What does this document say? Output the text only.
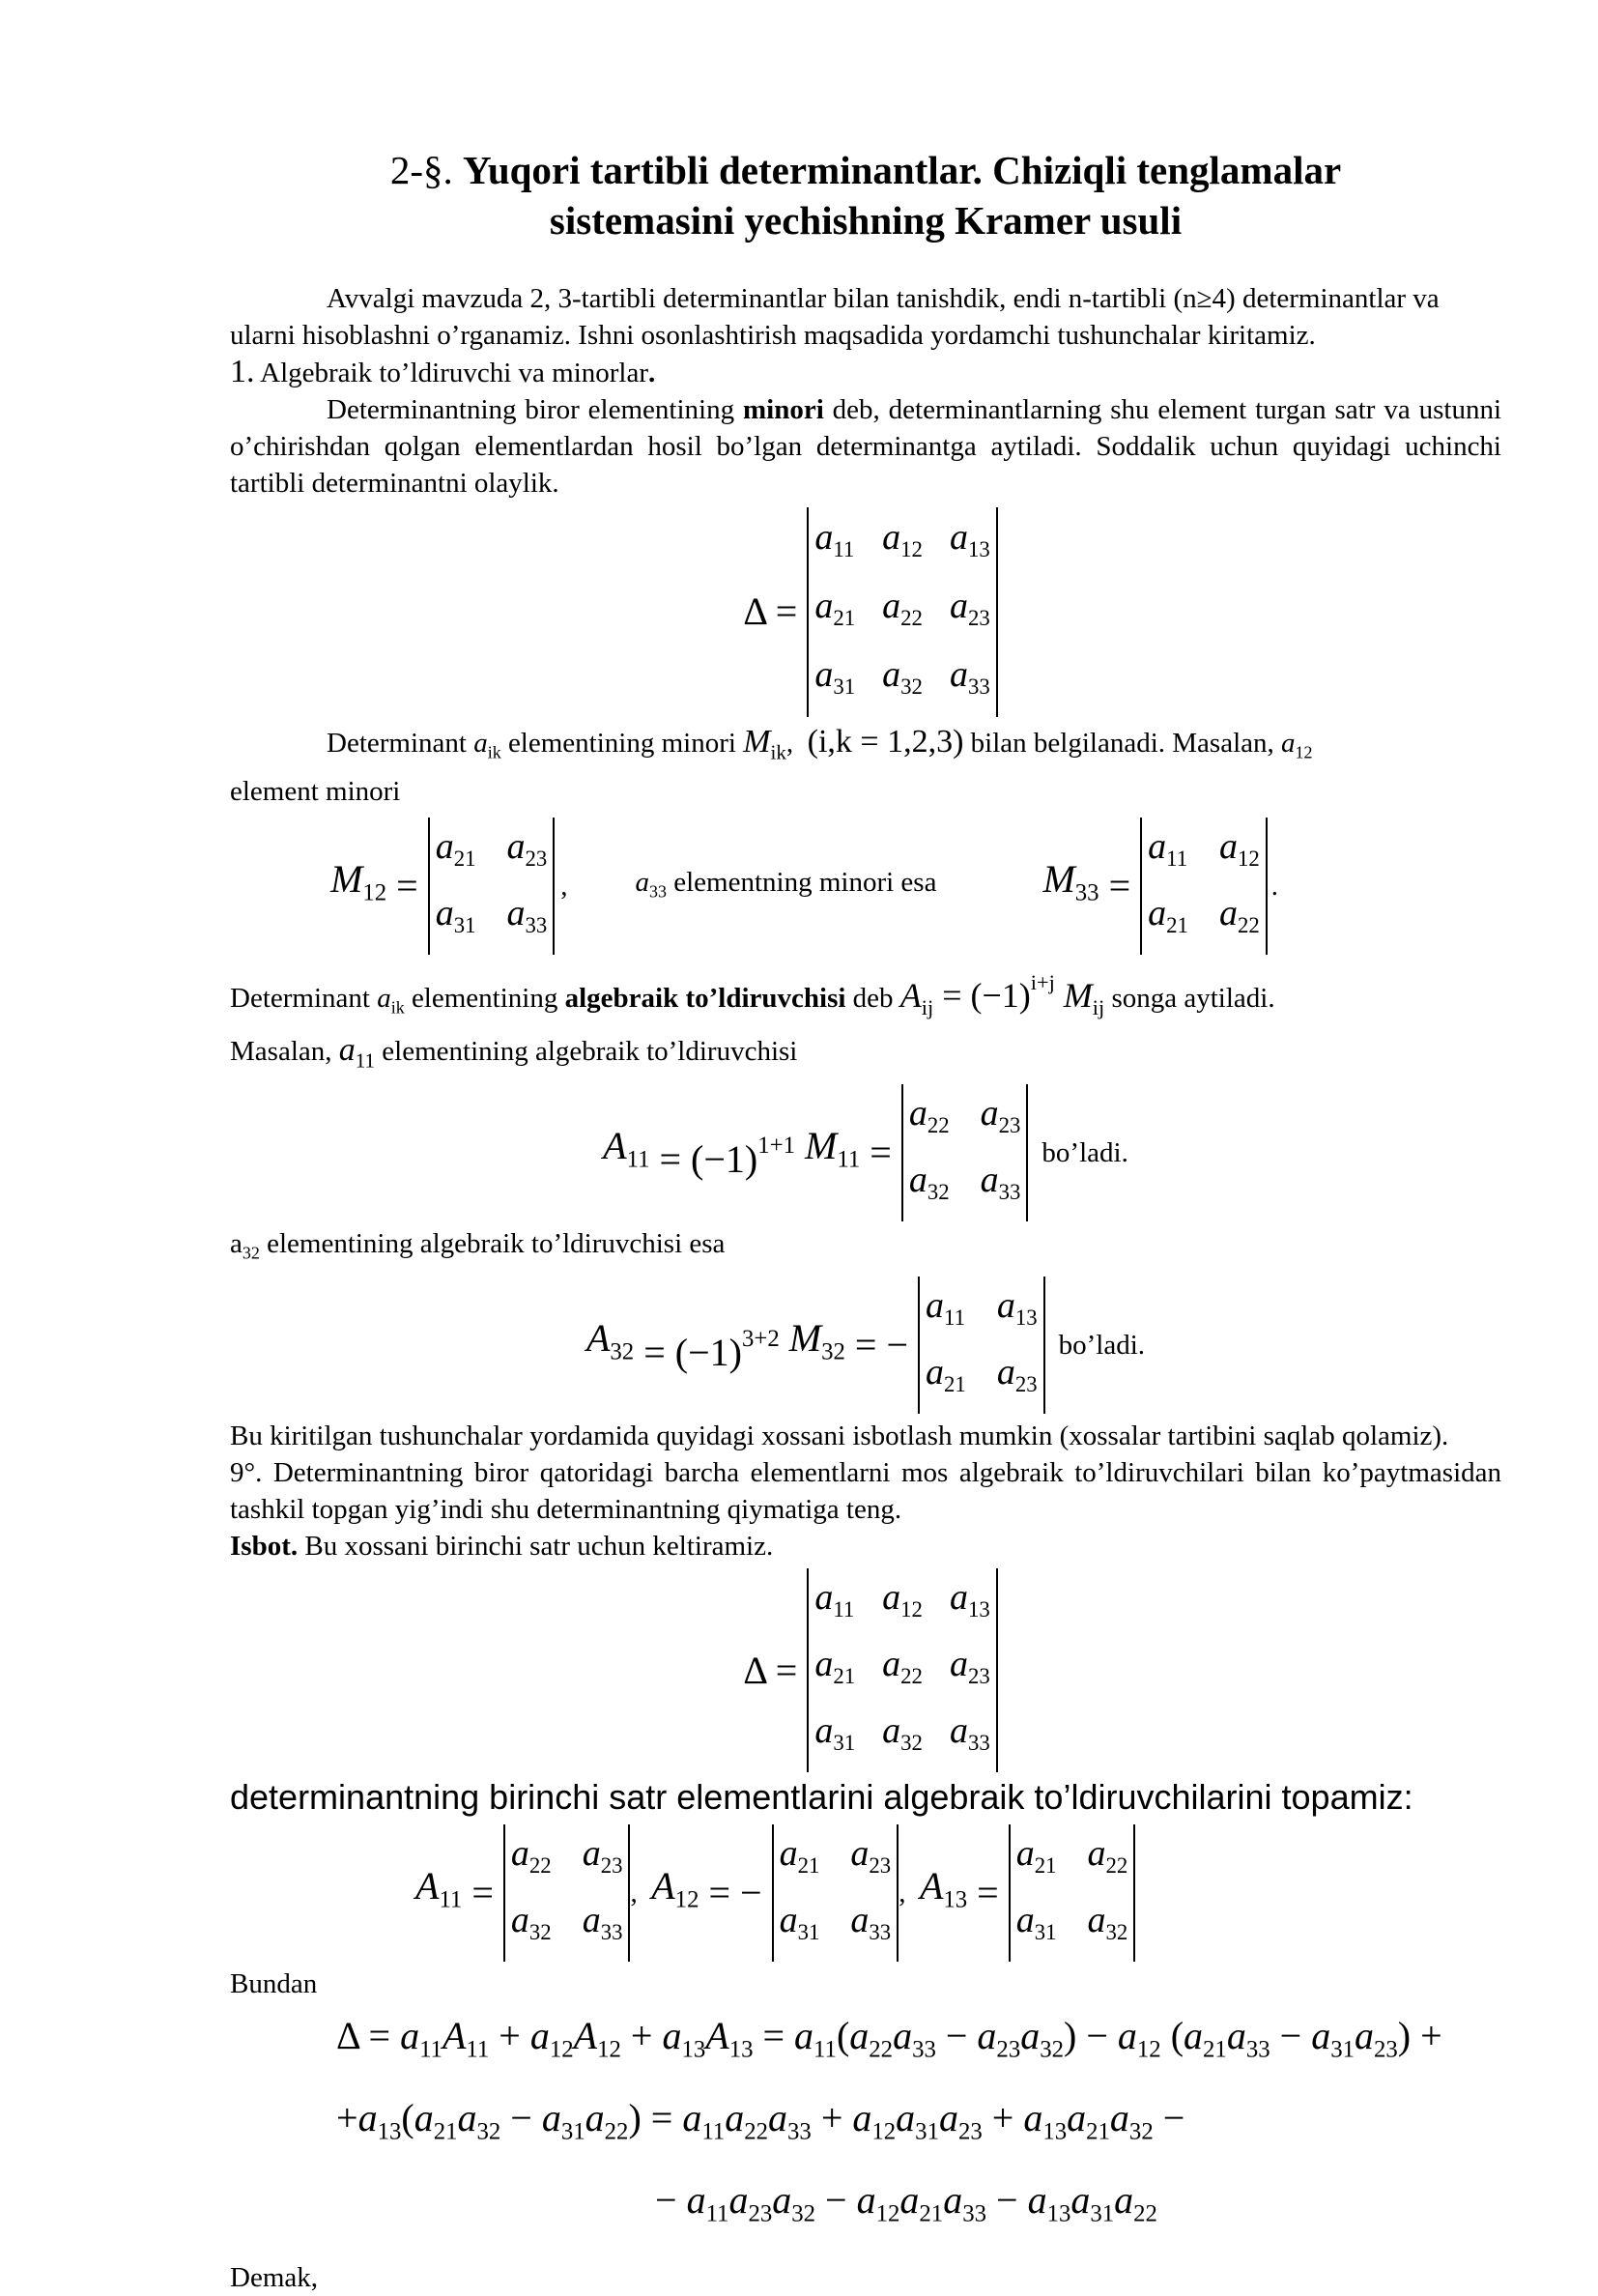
2-§. Yuqori tartibli determinantlar. Chiziqli tenglamalar
sistemasini yechishning Kramer usuli

Avvalgi mavzuda 2, 3-tartibli determinantlar bilan tanishdik, endi n-tartibli (n≥4) determinantlar va ularni hisoblashni o’rganamiz. Ishni osonlashtirish maqsadida yordamchi tushunchalar kiritamiz.

1. Algebraik to’ldiruvchi va minorlar.

Determinantning biror elementining minori deb, determinantlarning shu element turgan satr va ustunni o’chirishdan qolgan elementlardan hosil bo’lgan determinantga aytiladi. Soddalik uchun quyidagi uchinchi tartibli determinantni olaylik.

Δ =
$a_{11}$ $a_{12}$ $a_{13}$
$a_{21}$ $a_{22}$ $a_{23}$
$a_{31}$ $a_{32}$ $a_{33}$

Determinant $a_{ik}$ elementining minori $M_{ik}$,  (i,k = 1,2,3) bilan belgilanadi. Masalan, $a_{12}$

element minori

$M_{12}$ =
$a_{21}$ $a_{23}$
$a_{31}$ $a_{33}$
, $a_{33}$ elementning minori esa	$M_{33}$ =
$a_{11}$ $a_{12}$
$a_{21}$ $a_{22}$
.

Determinant $a_{ik}$ elementining algebraik to’ldiruvchisi deb $A_{ij} = (-1)^{i+j}$ $M_{ij}$ songa aytiladi.

Masalan, $a_{11}$ elementining algebraik to’ldiruvchisi

$A_{11} = (-1)^{1+1}$ $M_{11}$ =
$a_{22}$ $a_{23}$
$a_{32}$ $a_{33}$
bo’ladi.

$a_{32}$ elementining algebraik to’ldiruvchisi esa

$A_{32} = (-1)^{3+2}$ $M_{32}$ = −
$a_{11}$ $a_{13}$
$a_{21}$ $a_{23}$
bo’ladi.

Bu kiritilgan tushunchalar yordamida quyidagi xossani isbotlash mumkin (xossalar tartibini saqlab qolamiz).

9°. Determinantning biror qatoridagi barcha elementlarni mos algebraik to’ldiruvchilari bilan ko’paytmasidan tashkil topgan yig’indi shu determinantning qiymatiga teng.

Isbot. Bu xossani birinchi satr uchun keltiramiz.

Δ =
$a_{11}$ $a_{12}$ $a_{13}$
$a_{21}$ $a_{22}$ $a_{23}$
$a_{31}$ $a_{32}$ $a_{33}$

determinantning birinchi satr elementlarini algebraik to’ldiruvchilarini topamiz:

$A_{11}$ =
$a_{22}$ $a_{23}$
$a_{32}$ $a_{33}$
, $A_{12}$ = −
$a_{21}$ $a_{23}$
$a_{31}$ $a_{33}$
, $A_{13}$ =
$a_{21}$ $a_{22}$
$a_{31}$ $a_{32}$

Bundan

$\Delta = a_{11}A_{11} + a_{12}A_{12} + a_{13}A_{13} = a_{11}(a_{22}a_{33} - a_{23}a_{32}) - a_{12}$ $(a_{21}a_{33} - a_{31}a_{23})$ +
$+a_{13}(a_{21}a_{32} - a_{31}a_{22}) = a_{11}a_{22}a_{33} + a_{12}a_{31}a_{23} + a_{13}a_{21}a_{32}$ −
− $a_{11}a_{23}a_{32} - a_{12}a_{21}a_{33} - a_{13}a_{31}a_{22}$

Demak,
